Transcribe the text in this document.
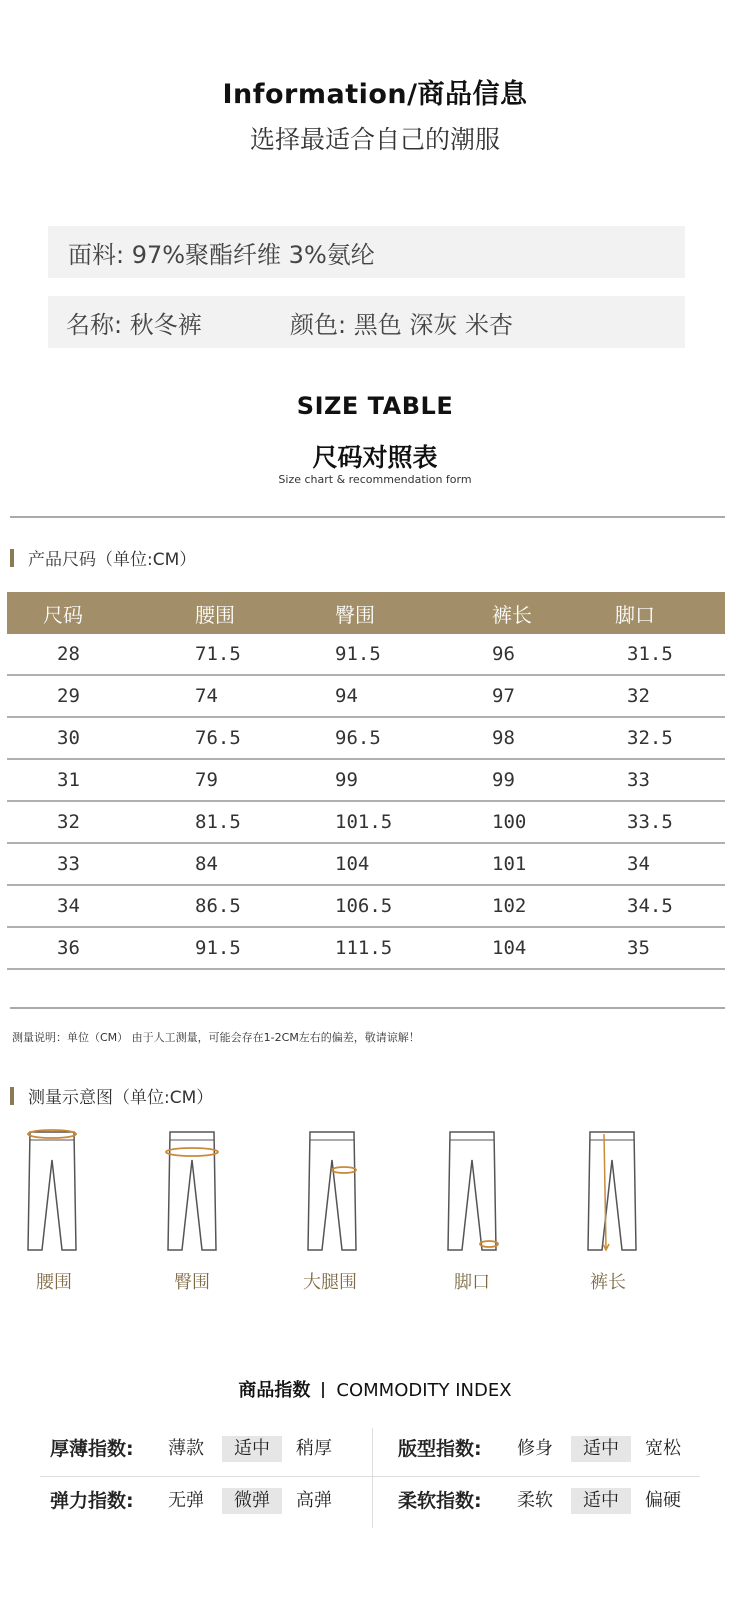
Information/商品信息
选择最适合自己的潮服
面料: 97%聚酯纤维 3%氨纶
名称: 秋冬裤	颜色: 黑色 深灰 米杏
SIZE TABLE
尺码对照表
Size chart & recommendation form
产品尺码（单位:CM）
尺码	腰围	臀围	裤长	脚口
28	71.5	91.5	96	31.5
29	74	94	97	32
30	76.5	96.5	98	32.5
31	79	99	99	33
32	81.5	101.5	100	33.5
33	84	104	101	34
34	86.5	106.5	102	34.5
36	91.5	111.5	104	35
测量说明：单位（CM） 由于人工测量，可能会存在1-2CM左右的偏差，敬请谅解！
测量示意图（单位:CM）
腰围	臀围	大腿围	脚口	裤长
商品指数 COMMODITY INDEX
厚薄指数: 薄款	适中	稍厚	版型指数: 修身	适中	宽松
弹力指数: 无弹	微弹	高弹	柔软指数: 柔软	适中	偏硬
